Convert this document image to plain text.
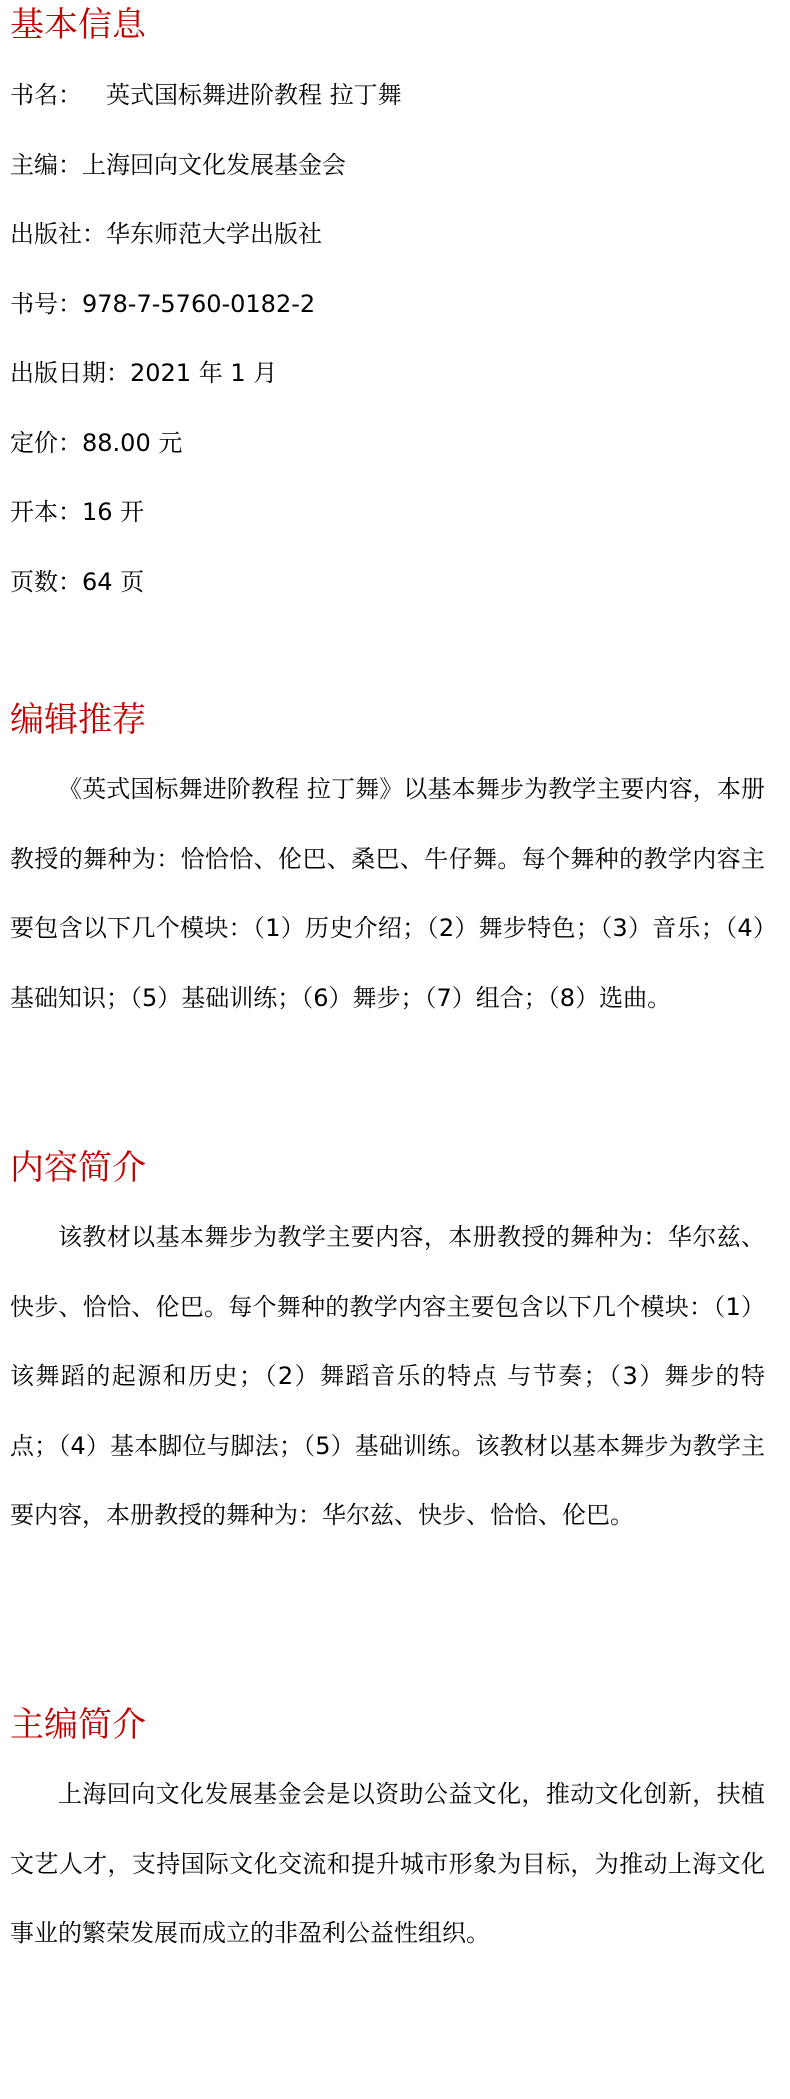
基本信息

书名： 英式国标舞进阶教程 拉丁舞

主编：上海回向文化发展基金会

出版社：华东师范大学出版社

书号：978-7-5760-0182-2

出版日期：2021 年 1 月

定价：88.00 元

开本：16 开

页数：64 页

编辑推荐

《英式国标舞进阶教程 拉丁舞》以基本舞步为教学主要内容，本册教授的舞种为：恰恰恰、伦巴、桑巴、牛仔舞。每个舞种的教学内容主要包含以下几个模块：（1）历史介绍；（2）舞步特色；（3）音乐；（4）基础知识；（5）基础训练；（6）舞步；（7）组合；（8）选曲。

内容简介

该教材以基本舞步为教学主要内容，本册教授的舞种为：华尔兹、快步、恰恰、伦巴。每个舞种的教学内容主要包含以下几个模块：（1）该舞蹈的起源和历史；（2）舞蹈音乐的特点 与节奏；（3）舞步的特点；（4）基本脚位与脚法；（5）基础训练。该教材以基本舞步为教学主要内容，本册教授的舞种为：华尔兹、快步、恰恰、伦巴。

主编简介

上海回向文化发展基金会是以资助公益文化，推动文化创新，扶植文艺人才，支持国际文化交流和提升城市形象为目标，为推动上海文化事业的繁荣发展而成立的非盈利公益性组织。
